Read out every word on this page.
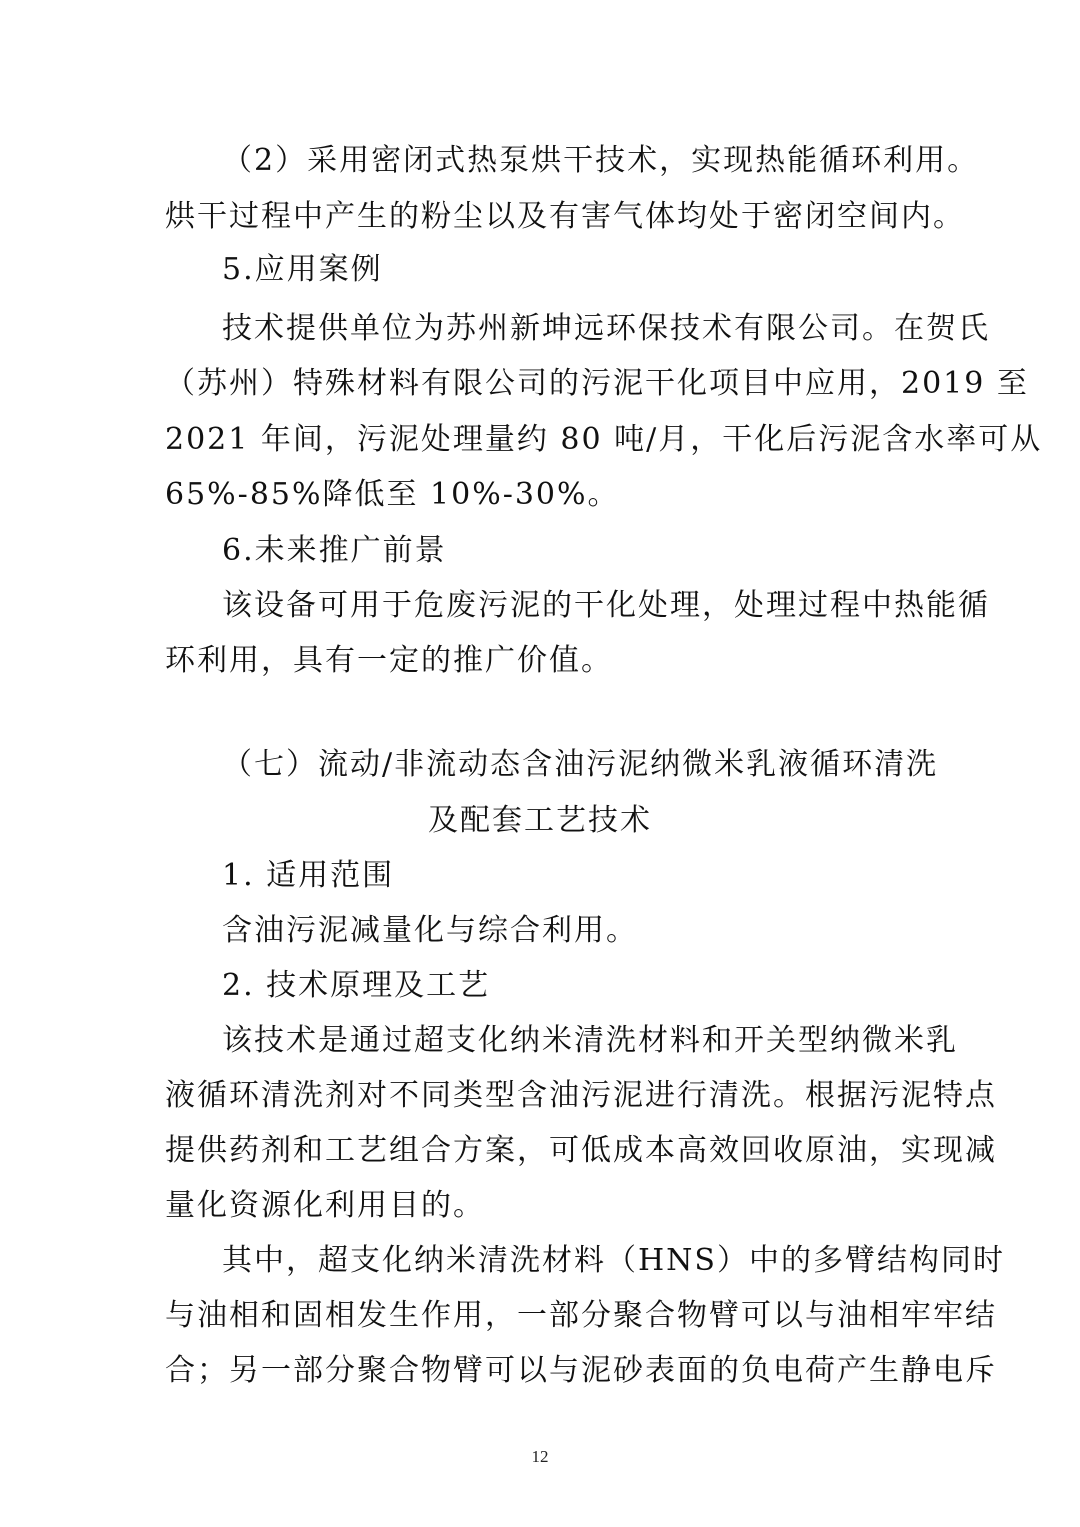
（2）采用密闭式热泵烘干技术，实现热能循环利用。
烘干过程中产生的粉尘以及有害气体均处于密闭空间内。
5.应用案例
技术提供单位为苏州新坤远环保技术有限公司。在贺氏
（苏州）特殊材料有限公司的污泥干化项目中应用，2019 至
2021 年间，污泥处理量约 80 吨/月，干化后污泥含水率可从
65%-85%降低至 10%-30%。
6.未来推广前景
该设备可用于危废污泥的干化处理，处理过程中热能循
环利用，具有一定的推广价值。
（七）流动/非流动态含油污泥纳微米乳液循环清洗
及配套工艺技术
1. 适用范围
含油污泥减量化与综合利用。
2. 技术原理及工艺
该技术是通过超支化纳米清洗材料和开关型纳微米乳
液循环清洗剂对不同类型含油污泥进行清洗。根据污泥特点
提供药剂和工艺组合方案，可低成本高效回收原油，实现减
量化资源化利用目的。
其中，超支化纳米清洗材料（HNS）中的多臂结构同时
与油相和固相发生作用，一部分聚合物臂可以与油相牢牢结
合；另一部分聚合物臂可以与泥砂表面的负电荷产生静电斥
12
